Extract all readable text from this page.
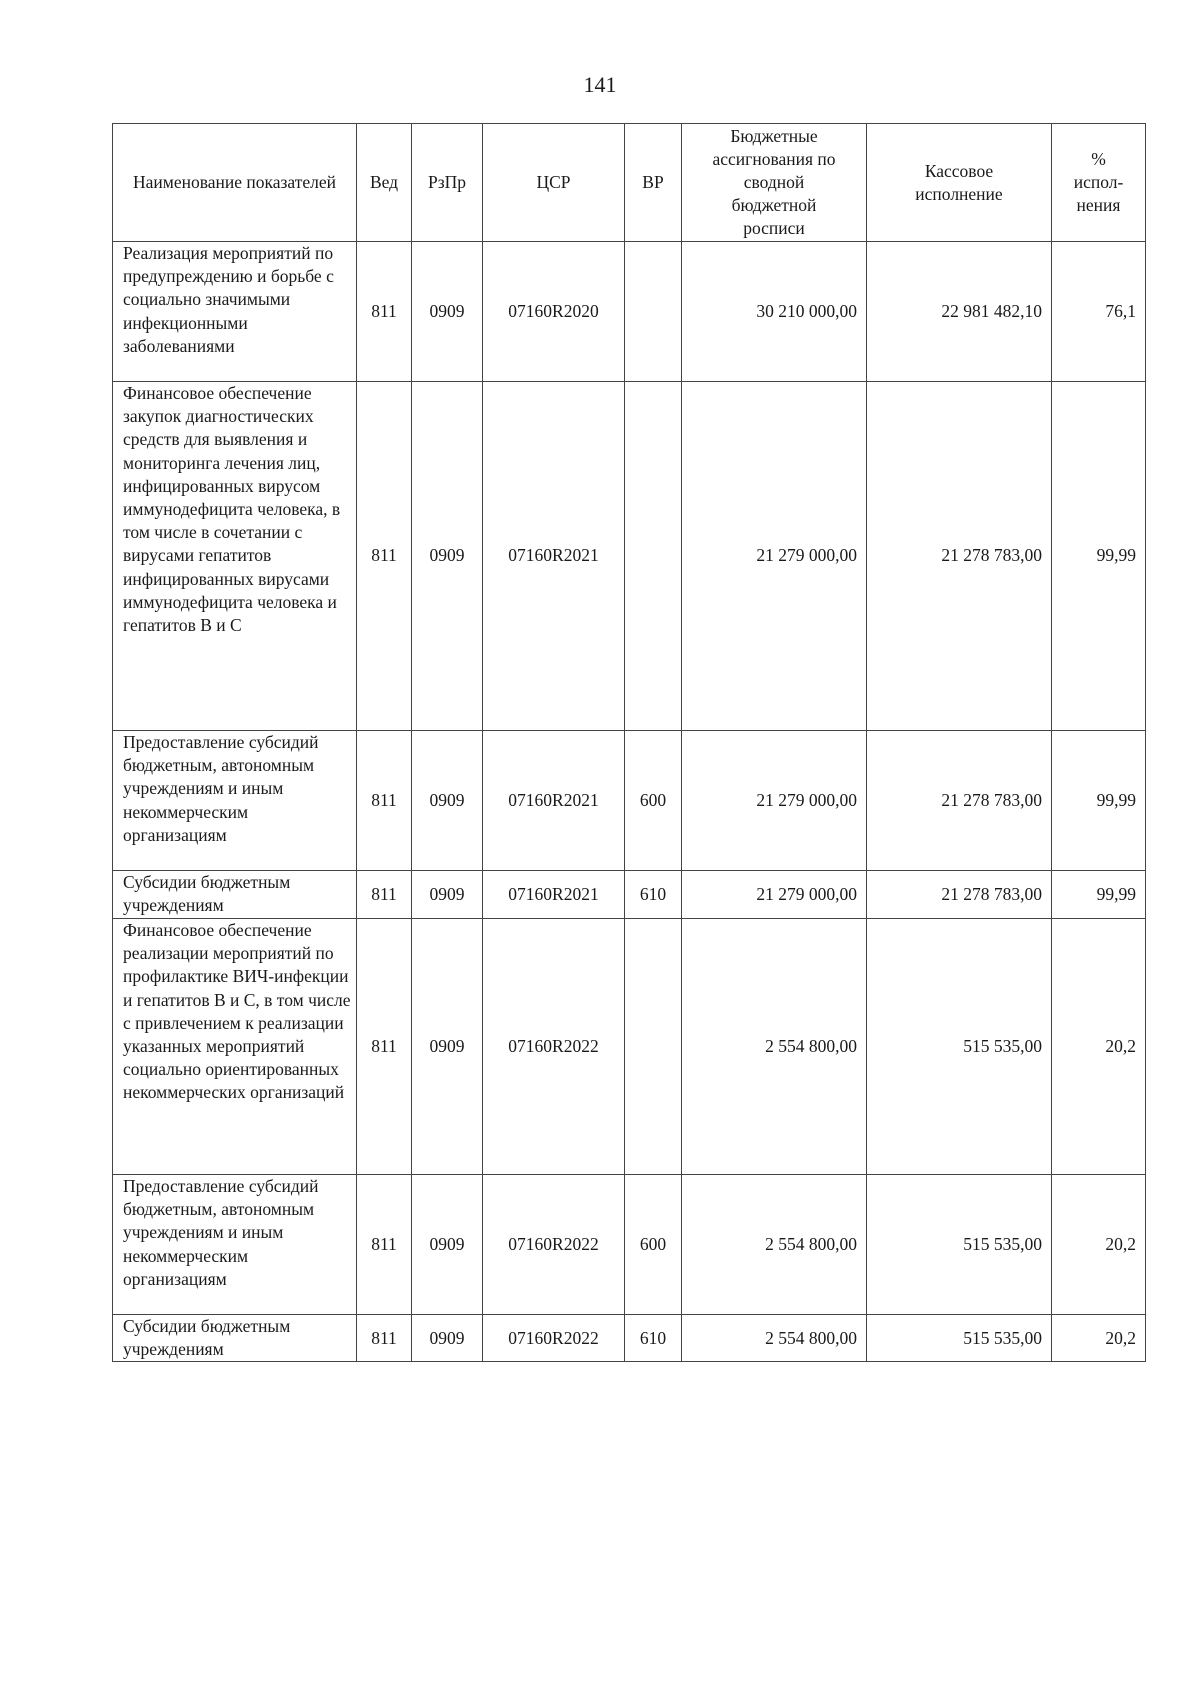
141
Наименование показателей	Вед	РзПр	ЦСР	ВР	Бюджетные ассигнования по сводной бюджетной росписи	Кассовое исполнение	% испол- нения
Реализация мероприятий по предупреждению и борьбе с социально значимыми инфекционными заболеваниями	811	0909	07160R2020		30 210 000,00	22 981 482,10	76,1
Финансовое обеспечение закупок диагностических средств для выявления и мониторинга лечения лиц, инфицированных вирусом иммунодефицита человека, в том числе в сочетании с вирусами гепатитов инфицированных вирусами иммунодефицита человека и гепатитов В и С	811	0909	07160R2021		21 279 000,00	21 278 783,00	99,99
Предоставление субсидий бюджетным, автономным учреждениям и иным некоммерческим организациям	811	0909	07160R2021	600	21 279 000,00	21 278 783,00	99,99
Субсидии бюджетным учреждениям	811	0909	07160R2021	610	21 279 000,00	21 278 783,00	99,99
Финансовое обеспечение реализации мероприятий по профилактике ВИЧ-инфекции и гепатитов В и С, в том числе с привлечением к реализации указанных мероприятий социально ориентированных некоммерческих организаций	811	0909	07160R2022		2 554 800,00	515 535,00	20,2
Предоставление субсидий бюджетным, автономным учреждениям и иным некоммерческим организациям	811	0909	07160R2022	600	2 554 800,00	515 535,00	20,2
Субсидии бюджетным учреждениям	811	0909	07160R2022	610	2 554 800,00	515 535,00	20,2
